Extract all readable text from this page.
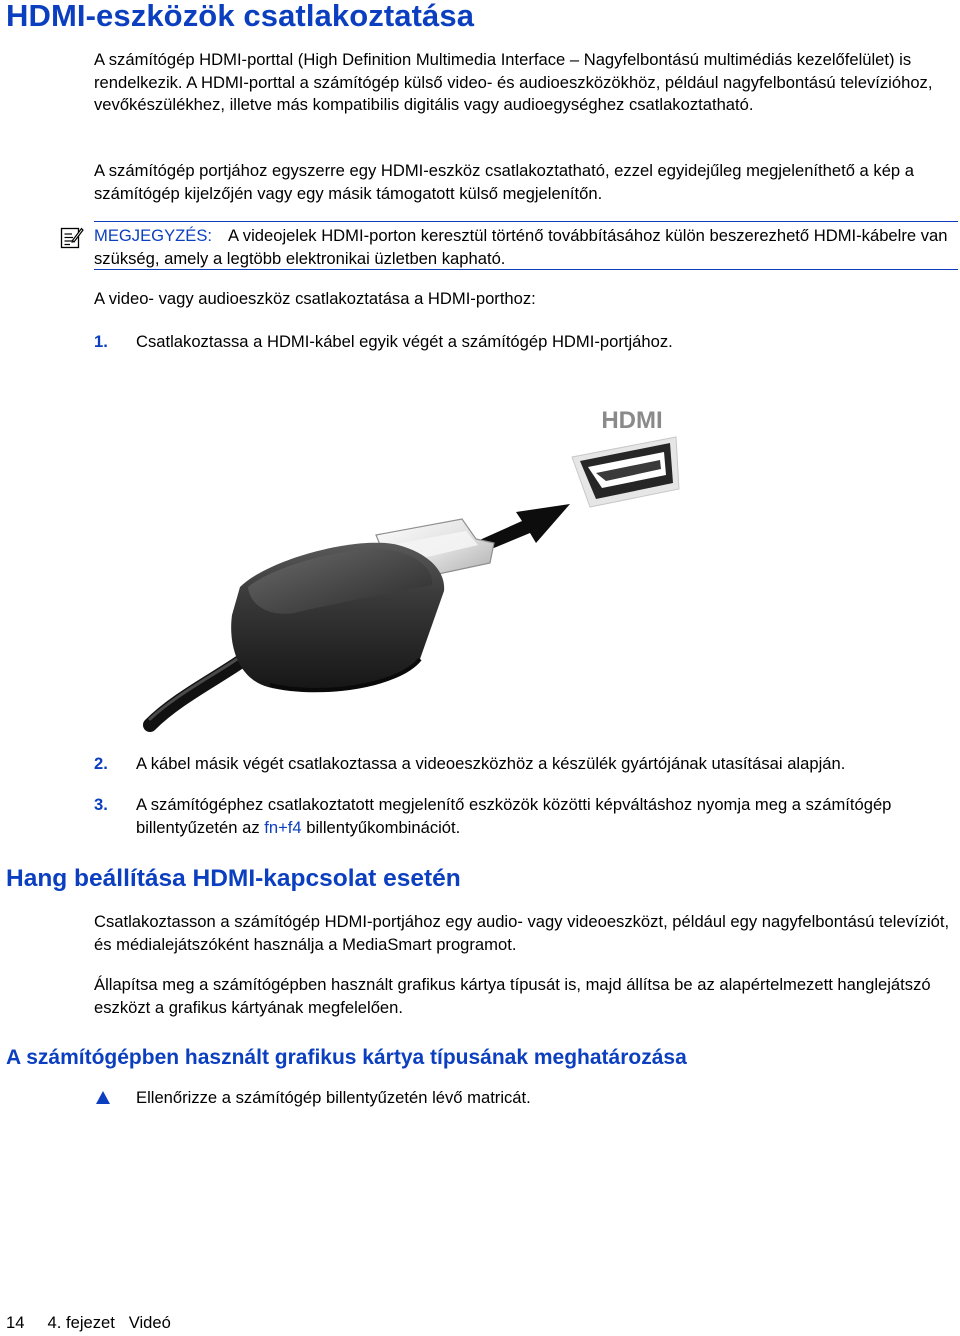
HDMI-eszközök csatlakoztatása

A számítógép HDMI-porttal (High Definition Multimedia Interface – Nagyfelbontású multimédiás kezelőfelület) is rendelkezik. A HDMI-porttal a számítógép külső video- és audioeszközökhöz, például nagyfelbontású televízióhoz, vevőkészülékhez, illetve más kompatibilis digitális vagy audioegységhez csatlakoztatható.

A számítógép portjához egyszerre egy HDMI-eszköz csatlakoztatható, ezzel egyidejűleg megjeleníthető a kép a számítógép kijelzőjén vagy egy másik támogatott külső megjelenítőn.

MEGJEGYZÉS: A videojelek HDMI-porton keresztül történő továbbításához külön beszerezhető HDMI-kábelre van szükség, amely a legtöbb elektronikai üzletben kapható.

A video- vagy audioeszköz csatlakoztatása a HDMI-porthoz:

1. Csatlakoztassa a HDMI-kábel egyik végét a számítógép HDMI-portjához.
HDMI
2. A kábel másik végét csatlakoztassa a videoeszközhöz a készülék gyártójának utasításai alapján.
3. A számítógéphez csatlakoztatott megjelenítő eszközök közötti képváltáshoz nyomja meg a számítógép billentyűzetén az fn+f4 billentyűkombinációt.
Hang beállítása HDMI-kapcsolat esetén

Csatlakoztasson a számítógép HDMI-portjához egy audio- vagy videoeszközt, például egy nagyfelbontású televíziót, és médialejátszóként használja a MediaSmart programot.

Állapítsa meg a számítógépben használt grafikus kártya típusát is, majd állítsa be az alapértelmezett hanglejátszó eszközt a grafikus kártyának megfelelően.

A számítógépben használt grafikus kártya típusának meghatározása
Ellenőrizze a számítógép billentyűzetén lévő matricát.
14 4. fejezet Videó
